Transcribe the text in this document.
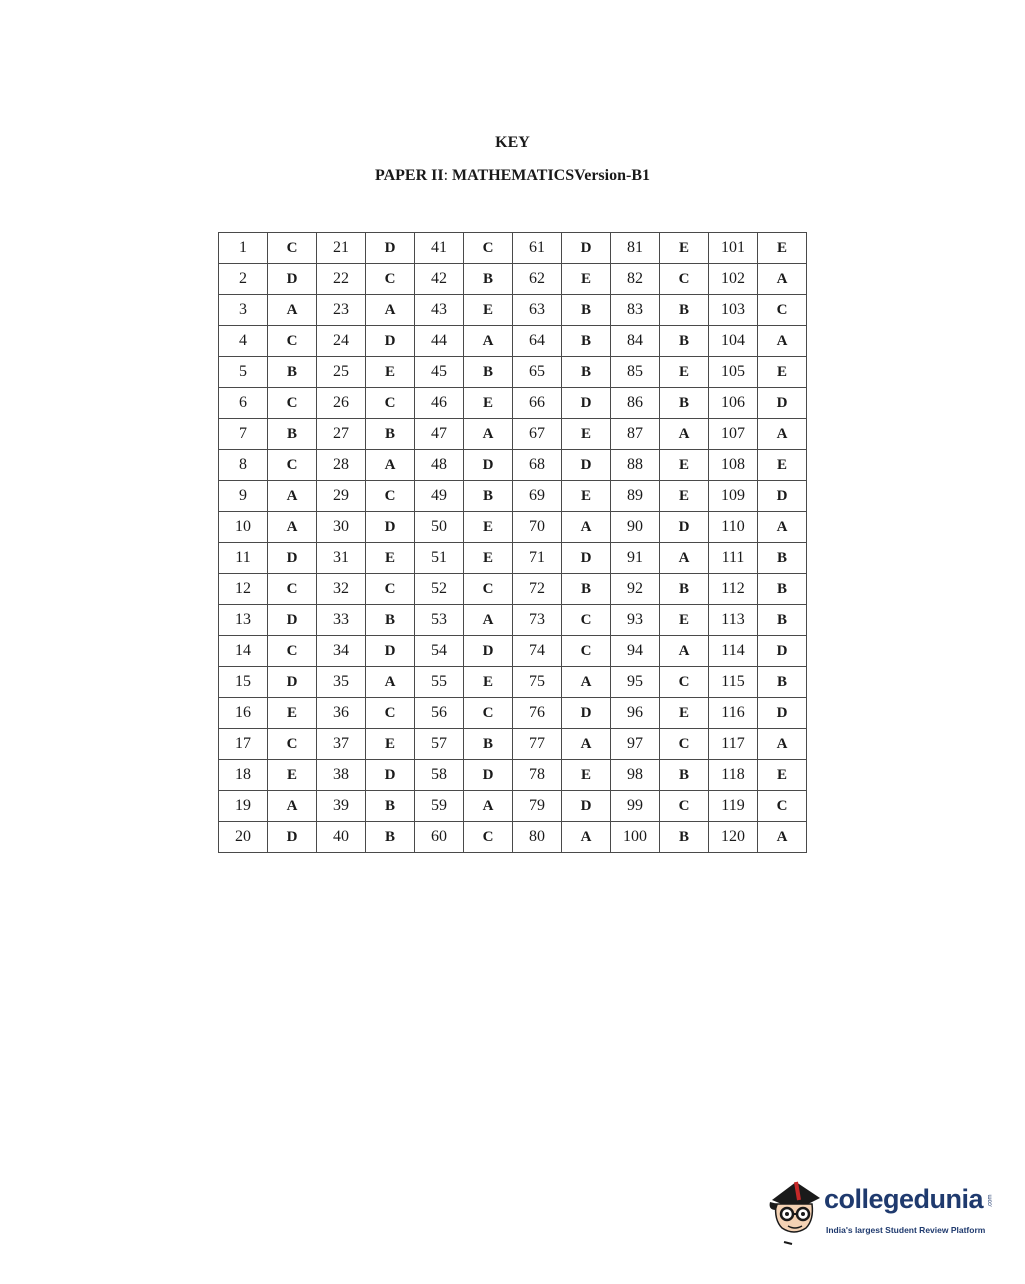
KEY
PAPER II: MATHEMATICSVersion-B1
1	C	21	D	41	C	61	D	81	E	101	E
2	D	22	C	42	B	62	E	82	C	102	A
3	A	23	A	43	E	63	B	83	B	103	C
4	C	24	D	44	A	64	B	84	B	104	A
5	B	25	E	45	B	65	B	85	E	105	E
6	C	26	C	46	E	66	D	86	B	106	D
7	B	27	B	47	A	67	E	87	A	107	A
8	C	28	A	48	D	68	D	88	E	108	E
9	A	29	C	49	B	69	E	89	E	109	D
10	A	30	D	50	E	70	A	90	D	110	A
11	D	31	E	51	E	71	D	91	A	111	B
12	C	32	C	52	C	72	B	92	B	112	B
13	D	33	B	53	A	73	C	93	E	113	B
14	C	34	D	54	D	74	C	94	A	114	D
15	D	35	A	55	E	75	A	95	C	115	B
16	E	36	C	56	C	76	D	96	E	116	D
17	C	37	E	57	B	77	A	97	C	117	A
18	E	38	D	58	D	78	E	98	B	118	E
19	A	39	B	59	A	79	D	99	C	119	C
20	D	40	B	60	C	80	A	100	B	120	A
collegedunia .com
India's largest Student Review Platform
